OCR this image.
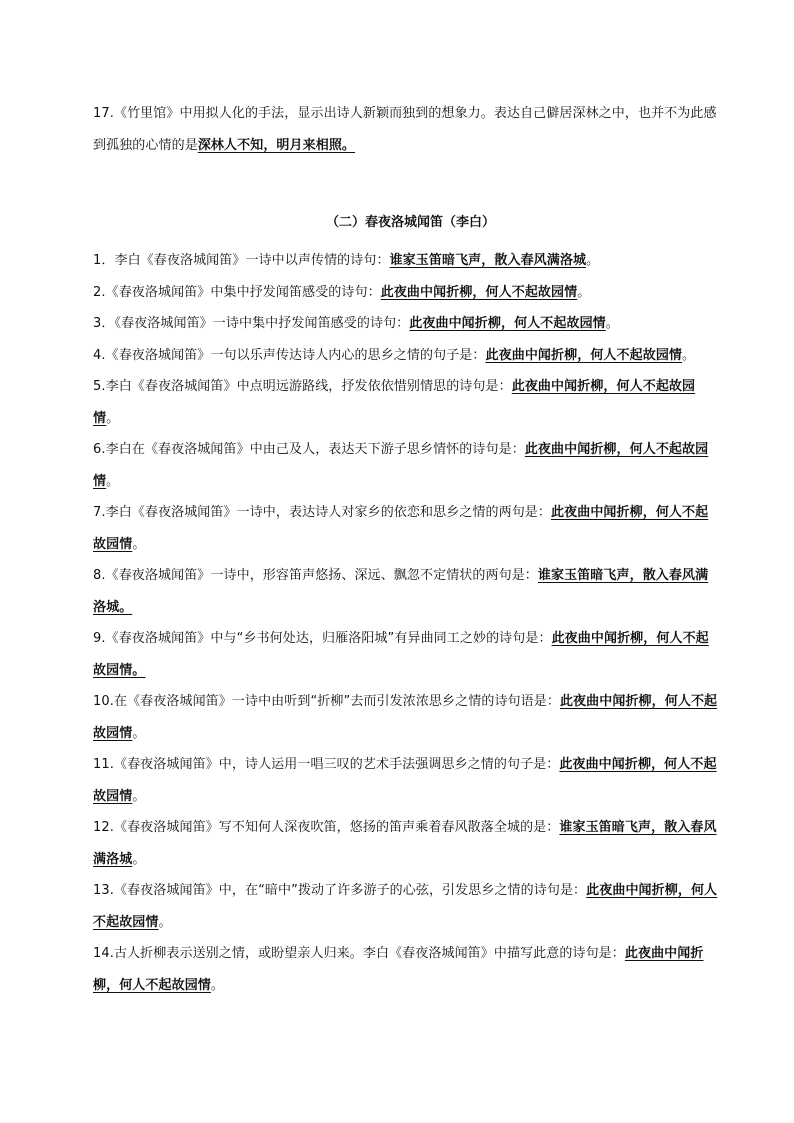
17.《竹里馆》中用拟人化的手法，显示出诗人新颖而独到的想象力。表达自己僻居深林之中，也并不为此感到孤独的心情的是深林人不知，明月来相照。

（二）春夜洛城闻笛（李白）

1．李白《春夜洛城闻笛》一诗中以声传情的诗句：谁家玉笛暗飞声，散入春风满洛城。

2.《春夜洛城闻笛》中集中抒发闻笛感受的诗句：此夜曲中闻折柳，何人不起故园情。

3．《春夜洛城闻笛》一诗中集中抒发闻笛感受的诗句：此夜曲中闻折柳，何人不起故园情。

4.《春夜洛城闻笛》一句以乐声传达诗人内心的思乡之情的句子是：此夜曲中闻折柳，何人不起故园情。

5.李白《春夜洛城闻笛》中点明远游路线，抒发依依惜别情思的诗句是：此夜曲中闻折柳，何人不起故园情。

6.李白在《春夜洛城闻笛》中由己及人，表达天下游子思乡情怀的诗句是：此夜曲中闻折柳，何人不起故园情。

7.李白《春夜洛城闻笛》一诗中，表达诗人对家乡的依恋和思乡之情的两句是：此夜曲中闻折柳，何人不起故园情。

8.《春夜洛城闻笛》一诗中，形容笛声悠扬、深远、飘忽不定情状的两句是：谁家玉笛暗飞声，散入春风满洛城。

9.《春夜洛城闻笛》中与“乡书何处达，归雁洛阳城”有异曲同工之妙的诗句是：此夜曲中闻折柳，何人不起故园情。

10.在《春夜洛城闻笛》一诗中由听到“折柳”去而引发浓浓思乡之情的诗句语是：此夜曲中闻折柳，何人不起故园情。

11.《春夜洛城闻笛》中，诗人运用一唱三叹的艺术手法强调思乡之情的句子是：此夜曲中闻折柳，何人不起故园情。

12.《春夜洛城闻笛》写不知何人深夜吹笛，悠扬的笛声乘着春风散落全城的是：谁家玉笛暗飞声，散入春风满洛城。

13.《春夜洛城闻笛》中，在“暗中”拨动了许多游子的心弦，引发思乡之情的诗句是：此夜曲中闻折柳，何人不起故园情。

14.古人折柳表示送别之情，或盼望亲人归来。李白《春夜洛城闻笛》中描写此意的诗句是：此夜曲中闻折柳，何人不起故园情。
